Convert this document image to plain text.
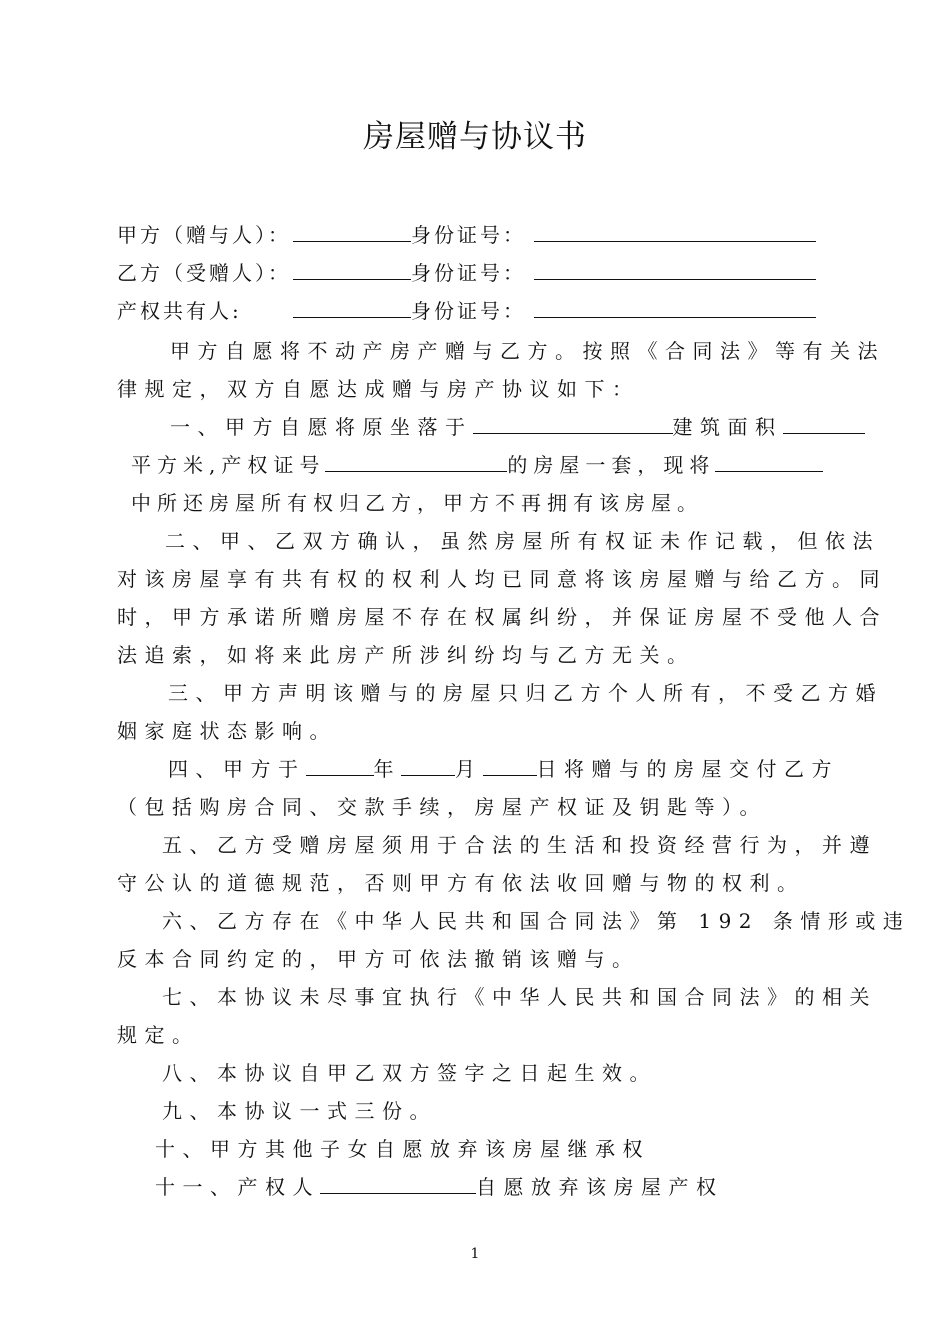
房屋赠与协议书
甲方（赠与人）：	身份证号：
乙方（受赠人）：	身份证号：
产权共有人:	身份证号：
甲方自愿将不动产房产赠与乙方。按照《合同法》等有关法
律规定，双方自愿达成赠与房产协议如下：
一、甲方自愿将原坐落于	建筑面积
平方米,产权证号	的房屋一套，现将
中所还房屋所有权归乙方，甲方不再拥有该房屋。
二、甲、乙双方确认，虽然房屋所有权证未作记载，但依法
对该房屋享有共有权的权利人均已同意将该房屋赠与给乙方。同
时，甲方承诺所赠房屋不存在权属纠纷，并保证房屋不受他人合
法追索，如将来此房产所涉纠纷均与乙方无关。
三、甲方声明该赠与的房屋只归乙方个人所有，不受乙方婚
姻家庭状态影响。
四、甲方于	年	月	日将赠与的房屋交付乙方
（包括购房合同、交款手续，房屋产权证及钥匙等）。
五、乙方受赠房屋须用于合法的生活和投资经营行为，并遵
守公认的道德规范，否则甲方有依法收回赠与物的权利。
六、乙方存在《中华人民共和国合同法》第 192 条情形或违
反本合同约定的，甲方可依法撤销该赠与。
七、本协议未尽事宜执行《中华人民共和国合同法》的相关
规定。
八、本协议自甲乙双方签字之日起生效。
九、本协议一式三份。
十、甲方其他子女自愿放弃该房屋继承权
十一、产权人	自愿放弃该房屋产权
1
